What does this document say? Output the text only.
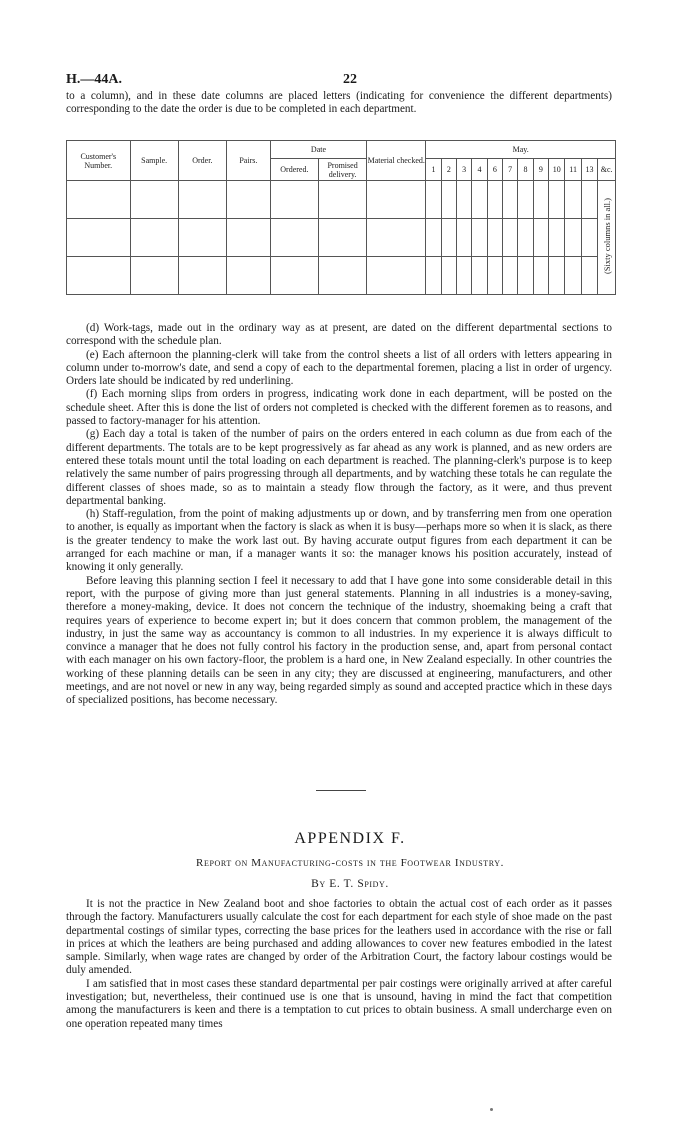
H.—44A.	22

to a column), and in these date columns are placed letters (indicating for convenience the different departments) corresponding to the date the order is due to be completed in each department.

Customer's Number.	Sample.	Order.	Pairs.	Date		Material checked.	May.											
				Ordered.	Promised delivery.		1	2	3	4	6	7	8	9	10	11	13	&c.
																		(Sixty columns in all.)

(d) Work-tags, made out in the ordinary way as at present, are dated on the different departmental sections to correspond with the schedule plan.

(e) Each afternoon the planning-clerk will take from the control sheets a list of all orders with letters appearing in column under to-morrow's date, and send a copy of each to the departmental foremen, placing a list in order of urgency. Orders late should be indicated by red underlining.

(f) Each morning slips from orders in progress, indicating work done in each department, will be posted on the schedule sheet. After this is done the list of orders not completed is checked with the different foremen as to reasons, and passed to factory-manager for his attention.

(g) Each day a total is taken of the number of pairs on the orders entered in each column as due from each of the different departments. The totals are to be kept progressively as far ahead as any work is planned, and as new orders are entered these totals mount until the total loading on each department is reached. The planning-clerk's purpose is to keep relatively the same number of pairs progressing through all departments, and by watching these totals he can regulate the different classes of shoes made, so as to maintain a steady flow through the factory, as it were, and thus prevent departmental banking.

(h) Staff-regulation, from the point of making adjustments up or down, and by transferring men from one operation to another, is equally as important when the factory is slack as when it is busy—perhaps more so when it is slack, as there is the greater tendency to make the work last out. By having accurate output figures from each department it can be arranged for each machine or man, if a manager wants it so: the manager knows his position accurately, instead of knowing it only generally.

Before leaving this planning section I feel it necessary to add that I have gone into some considerable detail in this report, with the purpose of giving more than just general statements. Planning in all industries is a money-saving, therefore a money-making, device. It does not concern the technique of the industry, shoemaking being a craft that requires years of experience to become expert in; but it does concern that common problem, the management of the industry, in just the same way as accountancy is common to all industries. In my experience it is always difficult to convince a manager that he does not fully control his factory in the production sense, and, apart from personal contact with each manager on his own factory-floor, the problem is a hard one, in New Zealand especially. In other countries the working of these planning details can be seen in any city; they are discussed at engineering, manufacturers, and other meetings, and are not novel or new in any way, being regarded simply as sound and accepted practice which in these days of specialized positions, has become necessary.

APPENDIX F.
Report on Manufacturing-costs in the Footwear Industry.
By E. T. Spidy.

It is not the practice in New Zealand boot and shoe factories to obtain the actual cost of each order as it passes through the factory. Manufacturers usually calculate the cost for each department for each style of shoe made on the past departmental costings of similar types, correcting the base prices for the leathers used in accordance with the rise or fall in prices at which the leathers are being purchased and adding allowances to cover new features embodied in the latest sample. Similarly, when wage rates are changed by order of the Arbitration Court, the factory labour costings would be duly amended.

I am satisfied that in most cases these standard departmental per pair costings were originally arrived at after careful investigation; but, nevertheless, their continued use is one that is unsound, having in mind the fact that competition among the manufacturers is keen and there is a temptation to cut prices to obtain business. A small undercharge even on one operation repeated many times
